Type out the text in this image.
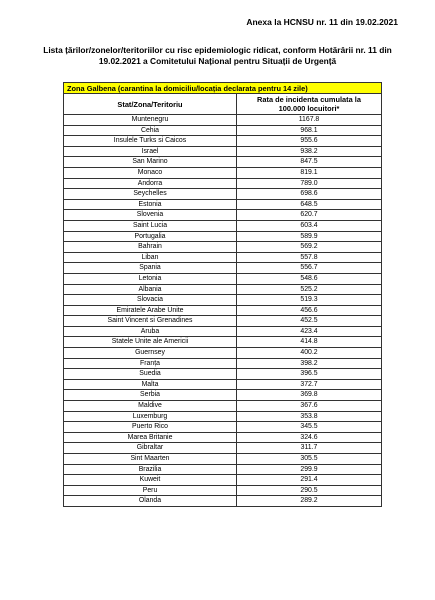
Anexa la HCNSU nr. 11 din 19.02.2021
Lista țărilor/zonelor/teritoriilor cu risc epidemiologic ridicat, conform Hotărârii nr. 11 din
19.02.2021 a Comitetului Național pentru Situații de Urgență
Zona Galbena (carantina la domiciliu/locația declarata pentru 14 zile)	
Stat/Zona/Teritoriu	Rata de incidenta cumulata la
100.000 locuitori*

Muntenegru	1167.8
Cehia	968.1
Insulele Turks si Caicos	955.6
Israel	938.2
San Marino	847.5
Monaco	819.1
Andorra	789.0
Seychelles	698.6
Estonia	648.5
Slovenia	620.7
Saint Lucia	603.4
Portugalia	589.9
Bahrain	569.2
Liban	557.8
Spania	556.7
Letonia	548.6
Albania	525.2
Slovacia	519.3
Emiratele Arabe Unite	456.6
Saint Vincent si Grenadines	452.5
Aruba	423.4
Statele Unite ale Americii	414.8
Guernsey	400.2
Franța	398.2
Suedia	396.5
Malta	372.7
Serbia	369.8
Maldive	367.6
Luxemburg	353.8
Puerto Rico	345.5
Marea Britanie	324.6
Gibraltar	311.7
Sint Maarten	305.5
Brazilia	299.9
Kuweit	291.4
Peru	290.5
Olanda	289.2
